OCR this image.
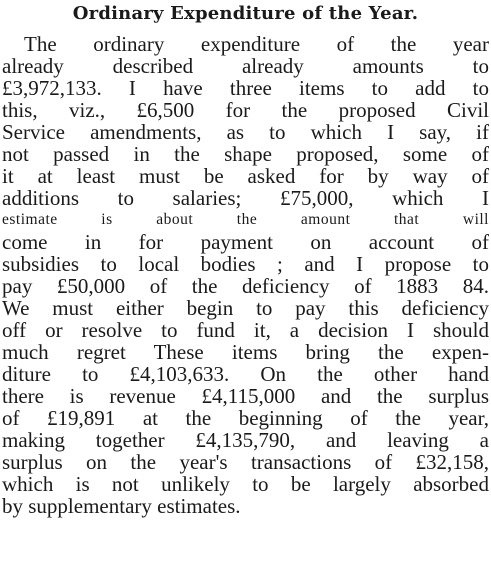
Ordinary Expenditure of the Year.
The ordinary expenditure of the year
already described already amounts to
£3,972,133. I have three items to add to
this, viz., £6,500 for the proposed Civil
Service amendments, as to which I say, if
not passed in the shape proposed, some of
it at least must be asked for by way of
additions to salaries; £75,000, which I
estimate is about the amount that will
come in for payment on account of
subsidies to local bodies ; and I propose to
pay £50,000 of the deficiency of 1883 84.
We must either begin to pay this deficiency
off or resolve to fund it, a decision I should
much regret These items bring the expen-
diture to £4,103,633. On the other hand
there is revenue £4,115,000 and the surplus
of £19,891 at the beginning of the year,
making together £4,135,790, and leaving a
surplus on the year's transactions of £32,158,
which is not unlikely to be largely absorbed
by supplementary estimates.
